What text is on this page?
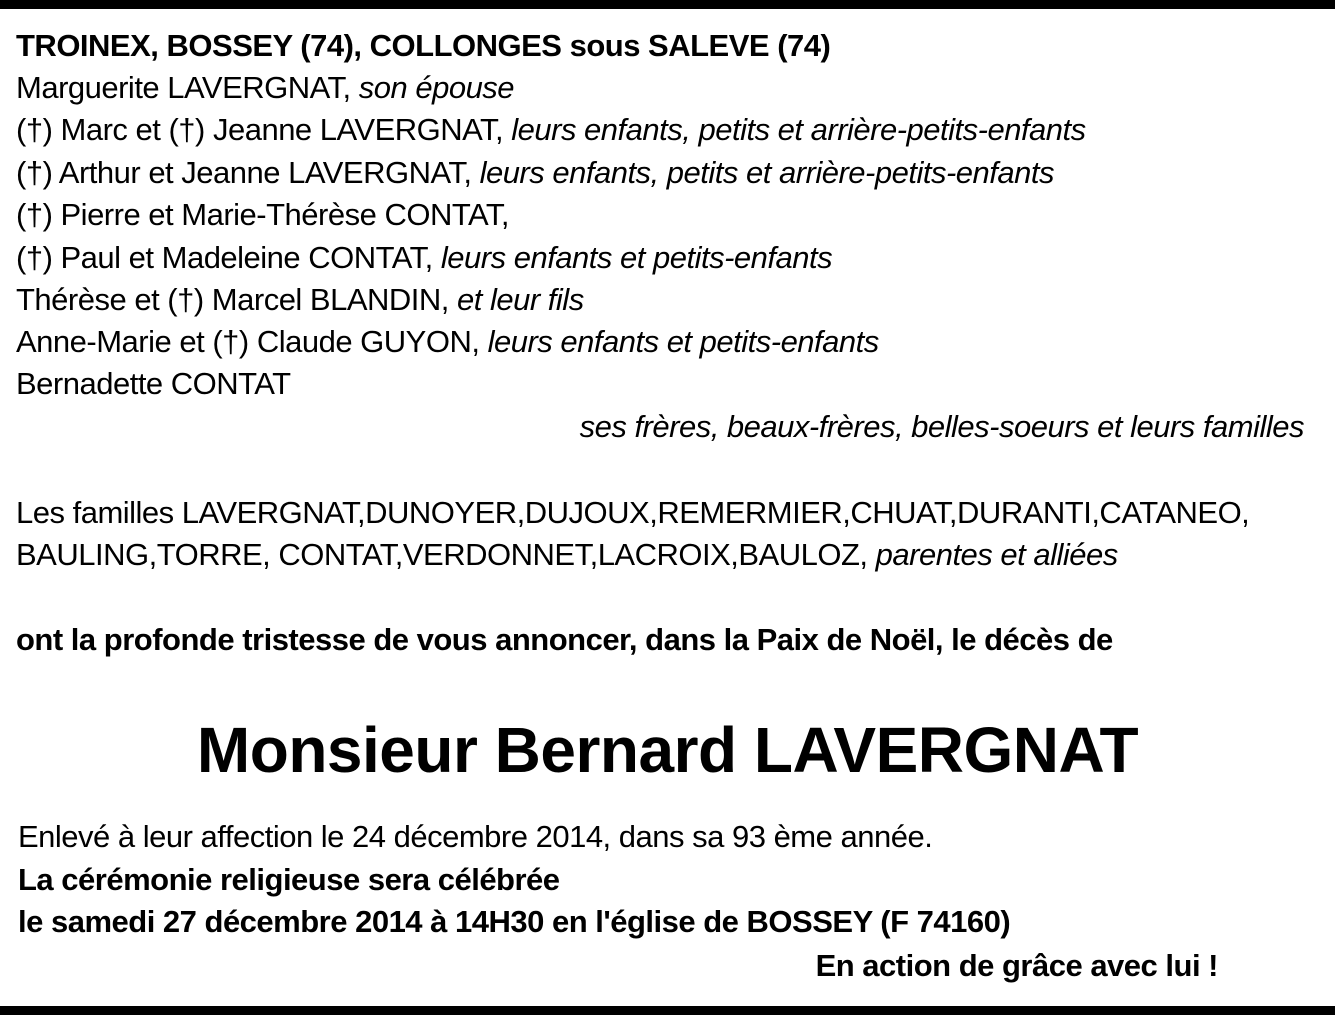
TROINEX, BOSSEY (74), COLLONGES sous SALEVE (74)
Marguerite LAVERGNAT, son épouse
(†) Marc et (†) Jeanne LAVERGNAT, leurs enfants, petits et arrière-petits-enfants
(†) Arthur et Jeanne LAVERGNAT, leurs enfants, petits et arrière-petits-enfants
(†) Pierre et Marie-Thérèse CONTAT,
(†) Paul et Madeleine CONTAT, leurs enfants et petits-enfants
Thérèse et (†) Marcel BLANDIN, et leur fils
Anne-Marie et (†) Claude GUYON, leurs enfants et petits-enfants
Bernadette CONTAT
ses frères, beaux-frères, belles-soeurs et leurs familles
Les familles LAVERGNAT,DUNOYER,DUJOUX,REMERMIER,CHUAT,DURANTI,CATANEO,
BAULING,TORRE, CONTAT,VERDONNET,LACROIX,BAULOZ, parentes et alliées
ont la profonde tristesse de vous annoncer, dans la Paix de Noël, le décès de
Monsieur Bernard LAVERGNAT
Enlevé à leur affection le 24 décembre 2014, dans sa 93 ème année.
La cérémonie religieuse sera célébrée
le samedi 27 décembre 2014 à 14H30 en l'église de BOSSEY (F 74160)
En action de grâce avec lui !
